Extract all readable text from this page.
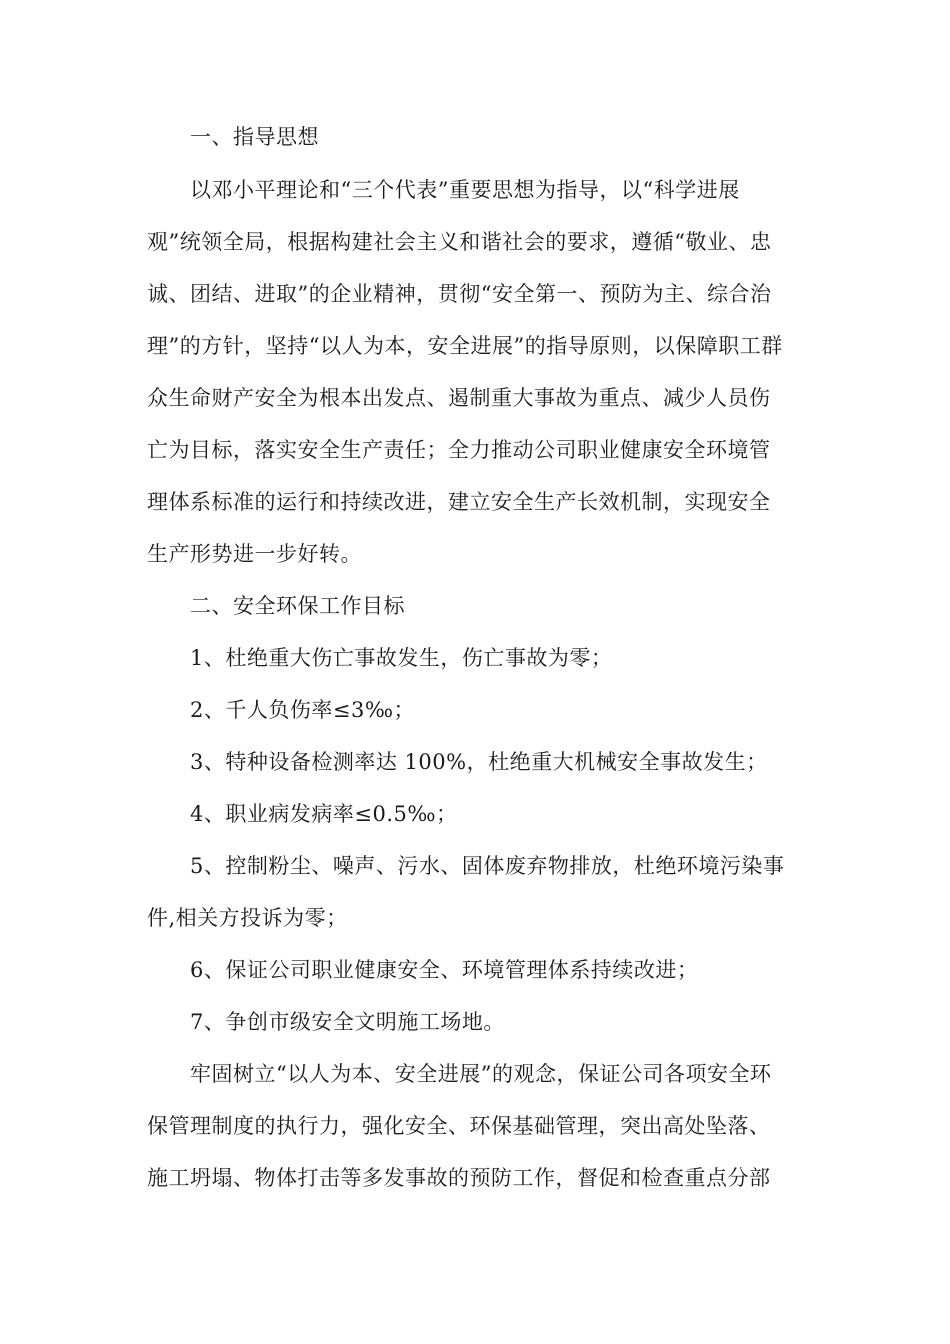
一、指导思想
以邓小平理论和“三个代表”重要思想为指导，以“科学进展
观”统领全局，根据构建社会主义和谐社会的要求，遵循“敬业、忠
诚、团结、进取”的企业精神，贯彻“安全第一、预防为主、综合治
理”的方针，坚持“以人为本，安全进展”的指导原则，以保障职工群
众生命财产安全为根本出发点、遏制重大事故为重点、减少人员伤
亡为目标，落实安全生产责任；全力推动公司职业健康安全环境管
理体系标准的运行和持续改进，建立安全生产长效机制，实现安全
生产形势进一步好转。
二、安全环保工作目标
1、杜绝重大伤亡事故发生，伤亡事故为零；
2、千人负伤率≤3‰；
3、特种设备检测率达 100%，杜绝重大机械安全事故发生；
4、职业病发病率≤0.5‰；
5、控制粉尘、噪声、污水、固体废弃物排放，杜绝环境污染事
件,相关方投诉为零；
6、保证公司职业健康安全、环境管理体系持续改进；
7、争创市级安全文明施工场地。
牢固树立“以人为本、安全进展”的观念，保证公司各项安全环
保管理制度的执行力，强化安全、环保基础管理，突出高处坠落、
施工坍塌、物体打击等多发事故的预防工作，督促和检查重点分部
